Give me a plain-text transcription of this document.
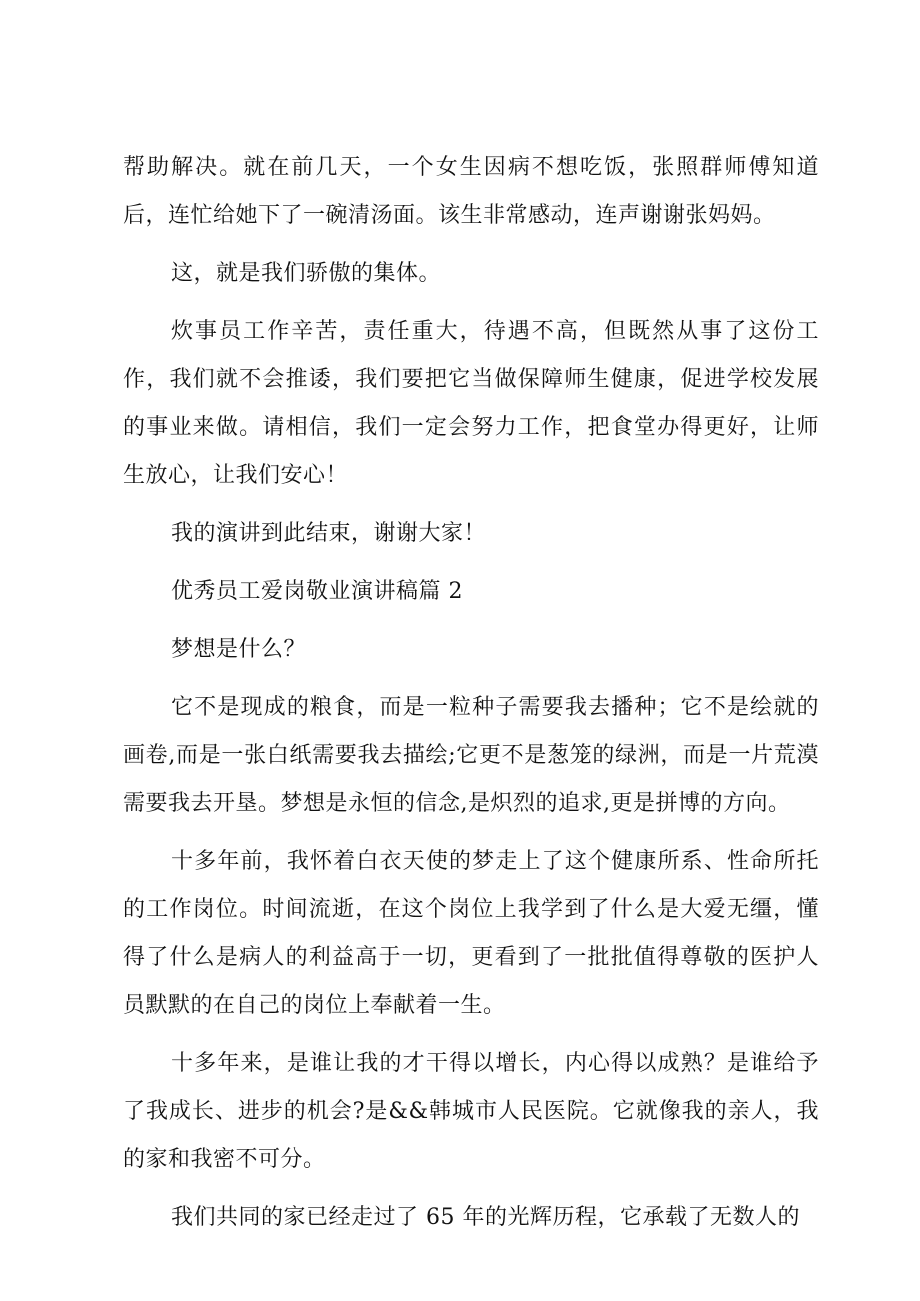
帮助解决。就在前几天，一个女生因病不想吃饭，张照群师傅知道后，连忙给她下了一碗清汤面。该生非常感动，连声谢谢张妈妈。

这，就是我们骄傲的集体。

炊事员工作辛苦，责任重大，待遇不高，但既然从事了这份工作，我们就不会推诿，我们要把它当做保障师生健康，促进学校发展的事业来做。请相信，我们一定会努力工作，把食堂办得更好，让师生放心，让我们安心！

我的演讲到此结束，谢谢大家！

优秀员工爱岗敬业演讲稿篇 2

梦想是什么？

它不是现成的粮食，而是一粒种子需要我去播种；它不是绘就的画卷,而是一张白纸需要我去描绘;它更不是葱笼的绿洲，而是一片荒漠需要我去开垦。梦想是永恒的信念,是炽烈的追求,更是拼博的方向。

十多年前，我怀着白衣天使的梦走上了这个健康所系、性命所托的工作岗位。时间流逝，在这个岗位上我学到了什么是大爱无缰，懂得了什么是病人的利益高于一切，更看到了一批批值得尊敬的医护人员默默的在自己的岗位上奉献着一生。

十多年来，是谁让我的才干得以增长，内心得以成熟？是谁给予了我成长、进步的机会?是&&韩城市人民医院。它就像我的亲人，我的家和我密不可分。

我们共同的家已经走过了 65 年的光辉历程，它承载了无数人的
